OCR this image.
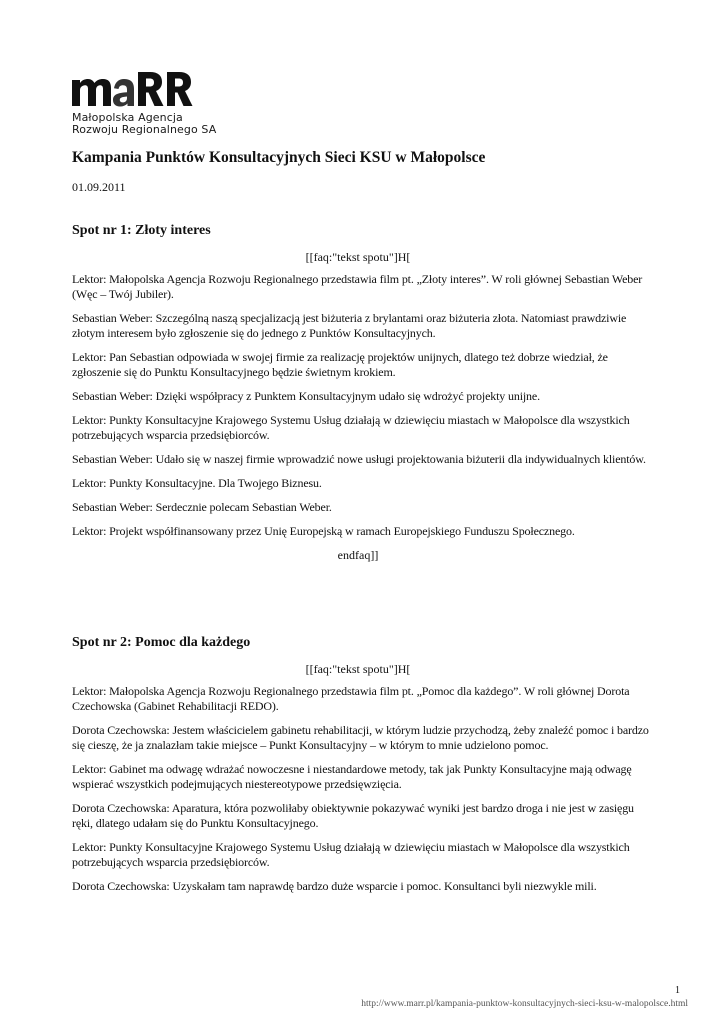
Małopolska Agencja
Rozwoju Regionalnego SA
Kampania Punktów Konsultacyjnych Sieci KSU w Małopolsce

01.09.2011

Spot nr 1: Złoty interes

[[faq:"tekst spotu"]H[

Lektor: Małopolska Agencja Rozwoju Regionalnego przedstawia film pt. „Złoty interes”. W roli głównej Sebastian Weber (Węc – Twój Jubiler).

Sebastian Weber: Szczególną naszą specjalizacją jest biżuteria z brylantami oraz biżuteria złota. Natomiast prawdziwie złotym interesem było zgłoszenie się do jednego z Punktów Konsultacyjnych.

Lektor: Pan Sebastian odpowiada w swojej firmie za realizację projektów unijnych, dlatego też dobrze wiedział, że zgłoszenie się do Punktu Konsultacyjnego będzie świetnym krokiem.

Sebastian Weber: Dzięki współpracy z Punktem Konsultacyjnym udało się wdrożyć projekty unijne.

Lektor: Punkty Konsultacyjne Krajowego Systemu Usług działają w dziewięciu miastach w Małopolsce dla wszystkich potrzebujących wsparcia przedsiębiorców.

Sebastian Weber: Udało się w naszej firmie wprowadzić nowe usługi projektowania biżuterii dla indywidualnych klientów.

Lektor: Punkty Konsultacyjne. Dla Twojego Biznesu.

Sebastian Weber: Serdecznie polecam Sebastian Weber.

Lektor: Projekt współfinansowany przez Unię Europejską w ramach Europejskiego Funduszu Społecznego.

endfaq]]

Spot nr 2: Pomoc dla każdego

[[faq:"tekst spotu"]H[

Lektor: Małopolska Agencja Rozwoju Regionalnego przedstawia film pt. „Pomoc dla każdego”. W roli głównej Dorota Czechowska (Gabinet Rehabilitacji REDO).

Dorota Czechowska: Jestem właścicielem gabinetu rehabilitacji, w którym ludzie przychodzą, żeby znaleźć pomoc i bardzo się cieszę, że ja znalazłam takie miejsce – Punkt Konsultacyjny – w którym to mnie udzielono pomoc.

Lektor: Gabinet ma odwagę wdrażać nowoczesne i niestandardowe metody, tak jak Punkty Konsultacyjne mają odwagę wspierać wszystkich podejmujących niestereotypowe przedsięwzięcia.

Dorota Czechowska: Aparatura, która pozwoliłaby obiektywnie pokazywać wyniki jest bardzo droga i nie jest w zasięgu ręki, dlatego udałam się do Punktu Konsultacyjnego.

Lektor: Punkty Konsultacyjne Krajowego Systemu Usług działają w dziewięciu miastach w Małopolsce dla wszystkich potrzebujących wsparcia przedsiębiorców.

Dorota Czechowska: Uzyskałam tam naprawdę bardzo duże wsparcie i pomoc. Konsultanci byli niezwykle mili.

1
http://www.marr.pl/kampania-punktow-konsultacyjnych-sieci-ksu-w-malopolsce.html
